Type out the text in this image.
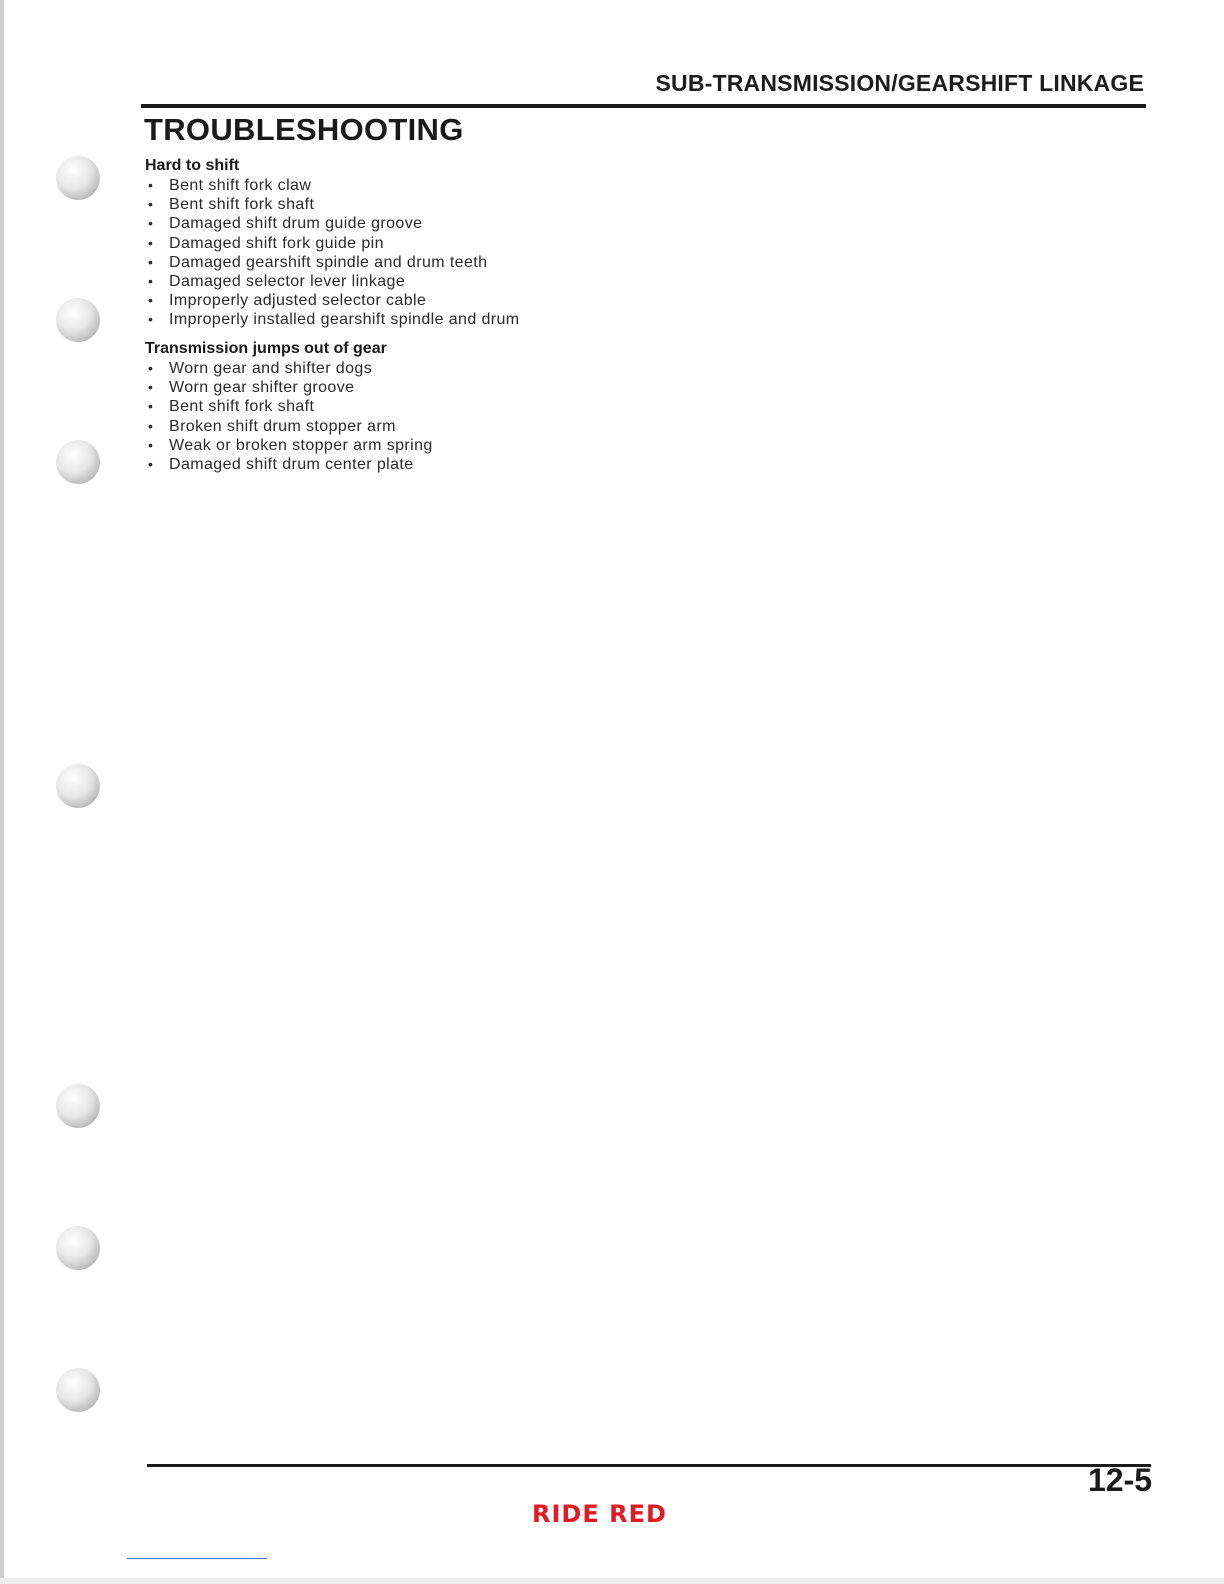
SUB-TRANSMISSION/GEARSHIFT LINKAGE
TROUBLESHOOTING
Hard to shift
• Bent shift fork claw
• Bent shift fork shaft
• Damaged shift drum guide groove
• Damaged shift fork guide pin
• Damaged gearshift spindle and drum teeth
• Damaged selector lever linkage
• Improperly adjusted selector cable
• Improperly installed gearshift spindle and drum
Transmission jumps out of gear
• Worn gear and shifter dogs
• Worn gear shifter groove
• Bent shift fork shaft
• Broken shift drum stopper arm
• Weak or broken stopper arm spring
• Damaged shift drum center plate
12-5
RIDE RED
